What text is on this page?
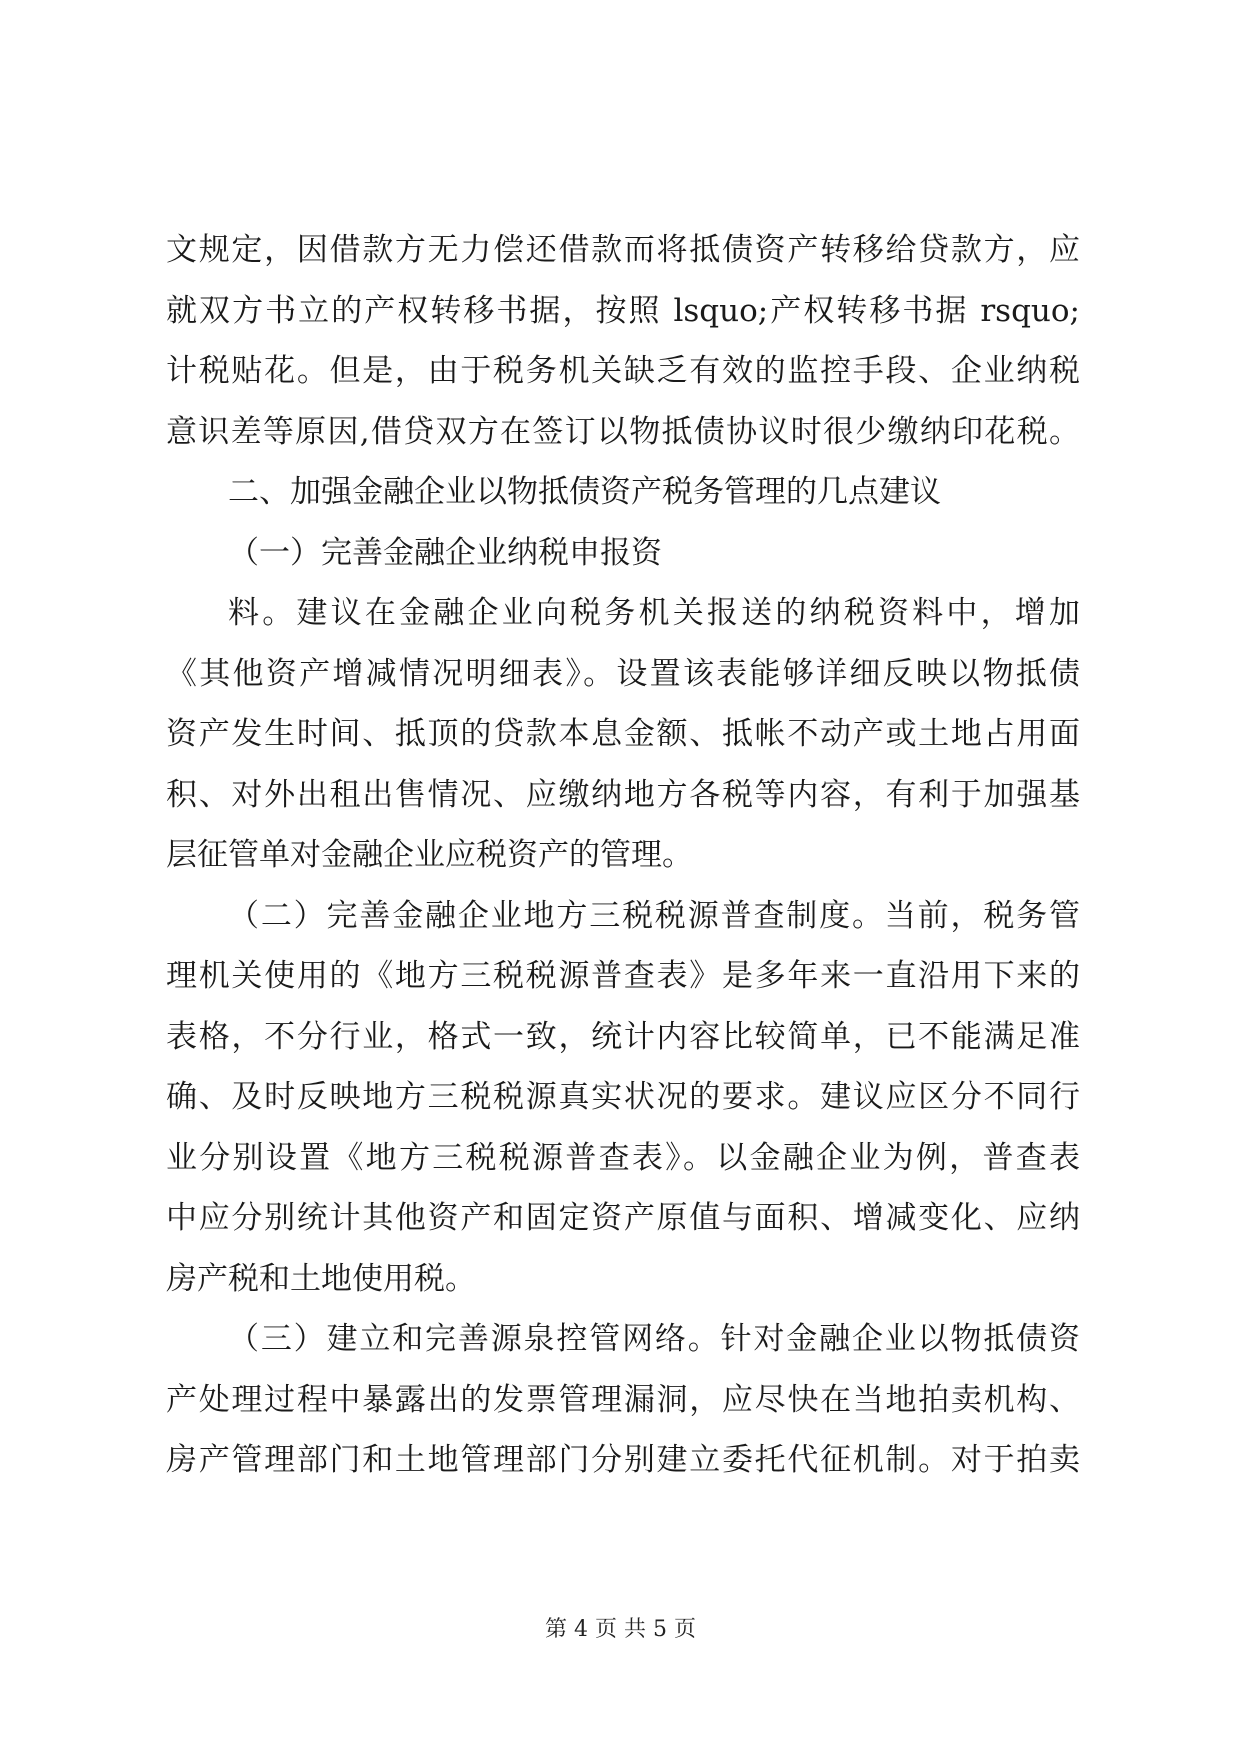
文规定，因借款方无力偿还借款而将抵债资产转移给贷款方，应
就双方书立的产权转移书据，按照 lsquo;产权转移书据 rsquo;
计税贴花。但是，由于税务机关缺乏有效的监控手段、企业纳税
意识差等原因,借贷双方在签订以物抵债协议时很少缴纳印花税。
二、加强金融企业以物抵债资产税务管理的几点建议
（一）完善金融企业纳税申报资
料。建议在金融企业向税务机关报送的纳税资料中，增加
《其他资产增减情况明细表》。设置该表能够详细反映以物抵债
资产发生时间、抵顶的贷款本息金额、抵帐不动产或土地占用面
积、对外出租出售情况、应缴纳地方各税等内容，有利于加强基
层征管单对金融企业应税资产的管理。
（二）完善金融企业地方三税税源普查制度。当前，税务管
理机关使用的《地方三税税源普查表》是多年来一直沿用下来的
表格，不分行业，格式一致，统计内容比较简单，已不能满足准
确、及时反映地方三税税源真实状况的要求。建议应区分不同行
业分别设置《地方三税税源普查表》。以金融企业为例，普查表
中应分别统计其他资产和固定资产原值与面积、增减变化、应纳
房产税和土地使用税。
（三）建立和完善源泉控管网络。针对金融企业以物抵债资
产处理过程中暴露出的发票管理漏洞，应尽快在当地拍卖机构、
房产管理部门和土地管理部门分别建立委托代征机制。对于拍卖
第 4 页 共 5 页
